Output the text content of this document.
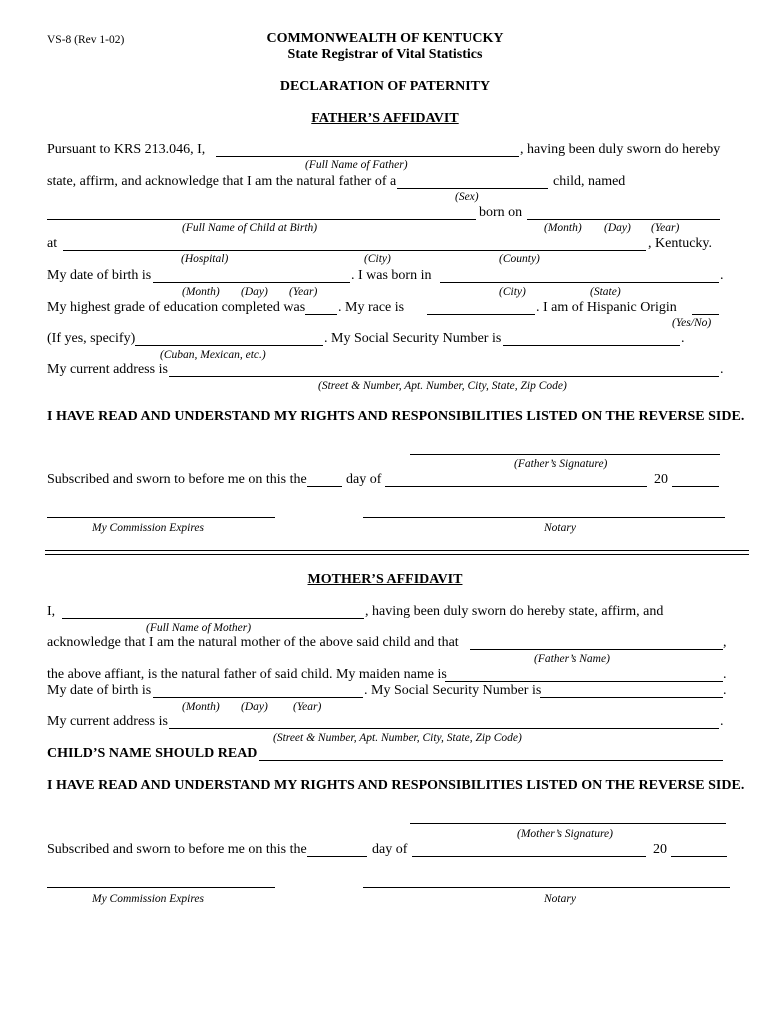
VS-8 (Rev 1-02)	COMMONWEALTH OF KENTUCKY
State Registrar of Vital Statistics
DECLARATION OF PATERNITY
FATHER’S AFFIDAVIT
Pursuant to KRS 213.046, I,	, having been duly sworn do hereby
(Full Name of Father)
state, affirm, and acknowledge that I am the natural father of a	child, named
(Sex)
born on
(Full Name of Child at Birth)	(Month) (Day) (Year)
at	, Kentucky.
(Hospital)	(City)	(County)
My date of birth is	. I was born in	.
(Month) (Day) (Year)	(City)	(State)
My highest grade of education completed was . My race is	. I am of Hispanic Origin
(Yes/No)
(If yes, specify)	. My Social Security Number is	.
(Cuban, Mexican, etc.)
My current address is	.
(Street & Number, Apt. Number, City, State, Zip Code)
I HAVE READ AND UNDERSTAND MY RIGHTS AND RESPONSIBILITIES LISTED ON THE REVERSE SIDE.
(Father’s Signature)
Subscribed and sworn to before me on this the	day of	20
My Commission Expires	Notary
MOTHER’S AFFIDAVIT
I,	, having been duly sworn do hereby state, affirm, and
(Full Name of Mother)
acknowledge that I am the natural mother of the above said child and that	,
(Father’s Name)
the above affiant, is the natural father of said child. My maiden name is	.
My date of birth is	. My Social Security Number is	.
(Month) (Day) (Year)
My current address is	.
(Street & Number, Apt. Number, City, State, Zip Code)
CHILD’S NAME SHOULD READ
I HAVE READ AND UNDERSTAND MY RIGHTS AND RESPONSIBILITIES LISTED ON THE REVERSE SIDE.
(Mother’s Signature)
Subscribed and sworn to before me on this the	day of	20
My Commission Expires	Notary
